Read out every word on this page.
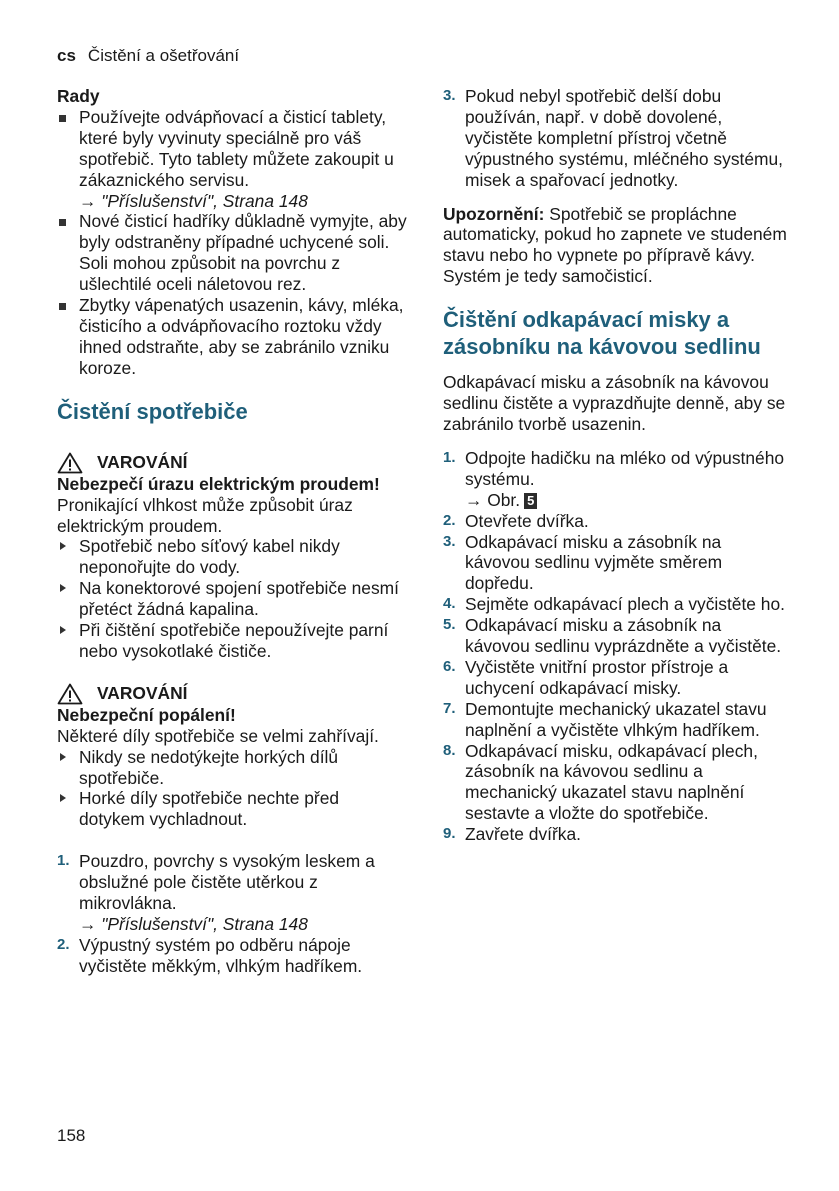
cs Čistění a ošetřování

Rady

Používejte odvápňovací a čisticí tablety, které byly vyvinuty speciálně pro váš spotřebič. Tyto tablety můžete zakoupit u zákaznického servisu.
→ "Příslušenství", Strana 148
Nové čisticí hadříky důkladně vymyjte, aby byly odstraněny případné uchycené soli. Soli mohou způsobit na povrchu z ušlechtilé oceli náletovou rez.
Zbytky vápenatých usazenin, kávy, mléka, čisticího a odvápňovacího roztoku vždy ihned odstraňte, aby se zabránilo vzniku koroze.
Čistění spotřebiče
VAROVÁNÍ

Nebezpečí úrazu elektrickým proudem!

Pronikající vlhkost může způsobit úraz elektrickým proudem.

Spotřebič nebo síťový kabel nikdy neponořujte do vody.
Na konektorové spojení spotřebiče nesmí přetéct žádná kapalina.
Při čištění spotřebiče nepoužívejte parní nebo vysokotlaké čističe.
VAROVÁNÍ

Nebezpeční popálení!

Některé díly spotřebiče se velmi zahřívají.

Nikdy se nedotýkejte horkých dílů spotřebiče.
Horké díly spotřebiče nechte před dotykem vychladnout.
1. Pouzdro, povrchy s vysokým leskem a obslužné pole čistěte utěrkou z mikrovlákna.
→ "Příslušenství", Strana 148
2. Výpustný systém po odběru nápoje vyčistěte měkkým, vlhkým hadříkem.
3. Pokud nebyl spotřebič delší dobu používán, např. v době dovolené, vyčistěte kompletní přístroj včetně výpustného systému, mléčného systému, misek a spařovací jednotky.

Upozornění: Spotřebič se propláchne automaticky, pokud ho zapnete ve studeném stavu nebo ho vypnete po přípravě kávy. Systém je tedy samočisticí.

Čištění odkapávací misky a zásobníku na kávovou sedlinu

Odkapávací misku a zásobník na kávovou sedlinu čistěte a vyprazdňujte denně, aby se zabránilo tvorbě usazenin.

1. Odpojte hadičku na mléko od výpustného systému.
→ Obr. 5
2. Otevřete dvířka.
3. Odkapávací misku a zásobník na kávovou sedlinu vyjměte směrem dopředu.
4. Sejměte odkapávací plech a vyčistěte ho.
5. Odkapávací misku a zásobník na kávovou sedlinu vyprázdněte a vyčistěte.
6. Vyčistěte vnitřní prostor přístroje a uchycení odkapávací misky.
7. Demontujte mechanický ukazatel stavu naplnění a vyčistěte vlhkým hadříkem.
8. Odkapávací misku, odkapávací plech, zásobník na kávovou sedlinu a mechanický ukazatel stavu naplnění sestavte a vložte do spotřebiče.
9. Zavřete dvířka.
158
